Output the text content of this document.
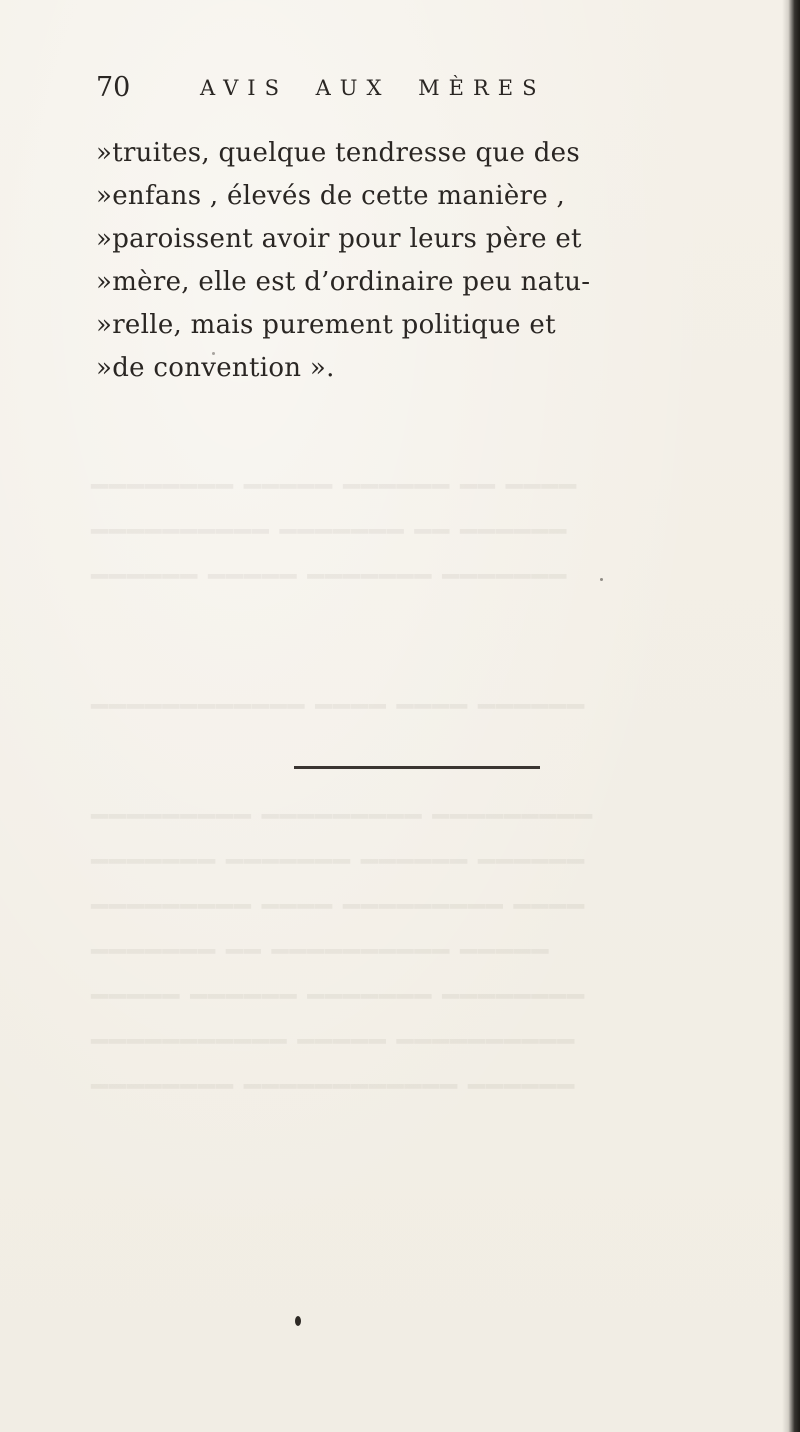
━━━━ ━━ ━━━━━━ ━━━━━ ━━━━━━━━
━━━━━━ ━━ ━━━━━━━ ━━━━━━━━━━
━━━━━━━ ━━━━━━━ ━━━━━ ━━━━━━
━━━━━━ ━━━━ ━━━━ ━━━━━━━━━━━━
━━━━━━━━━ ━━━━━━━━━ ━━━━━━━━━
━━━━━━ ━━━━━━ ━━━━━━━ ━━━━━━━
━━━━ ━━━━━━━━━ ━━━━ ━━━━━━━━━
━━━━━ ━━━━━━━━━━ ━━ ━━━━━━━
━━━━━━━━ ━━━━━━━ ━━━━━━ ━━━━━
━━━━━━━━━━ ━━━━━ ━━━━━━━━━━━
━━━━━━ ━━━━━━━━━━━━ ━━━━━━━━
70	AVIS AUX MÈRES
»truites, quelque tendresse que des
»enfans , élevés de cette manière ,
»paroissent avoir pour leurs père et
»mère, elle est d’ordinaire peu natu-
»relle, mais purement politique et
»de convention ».
